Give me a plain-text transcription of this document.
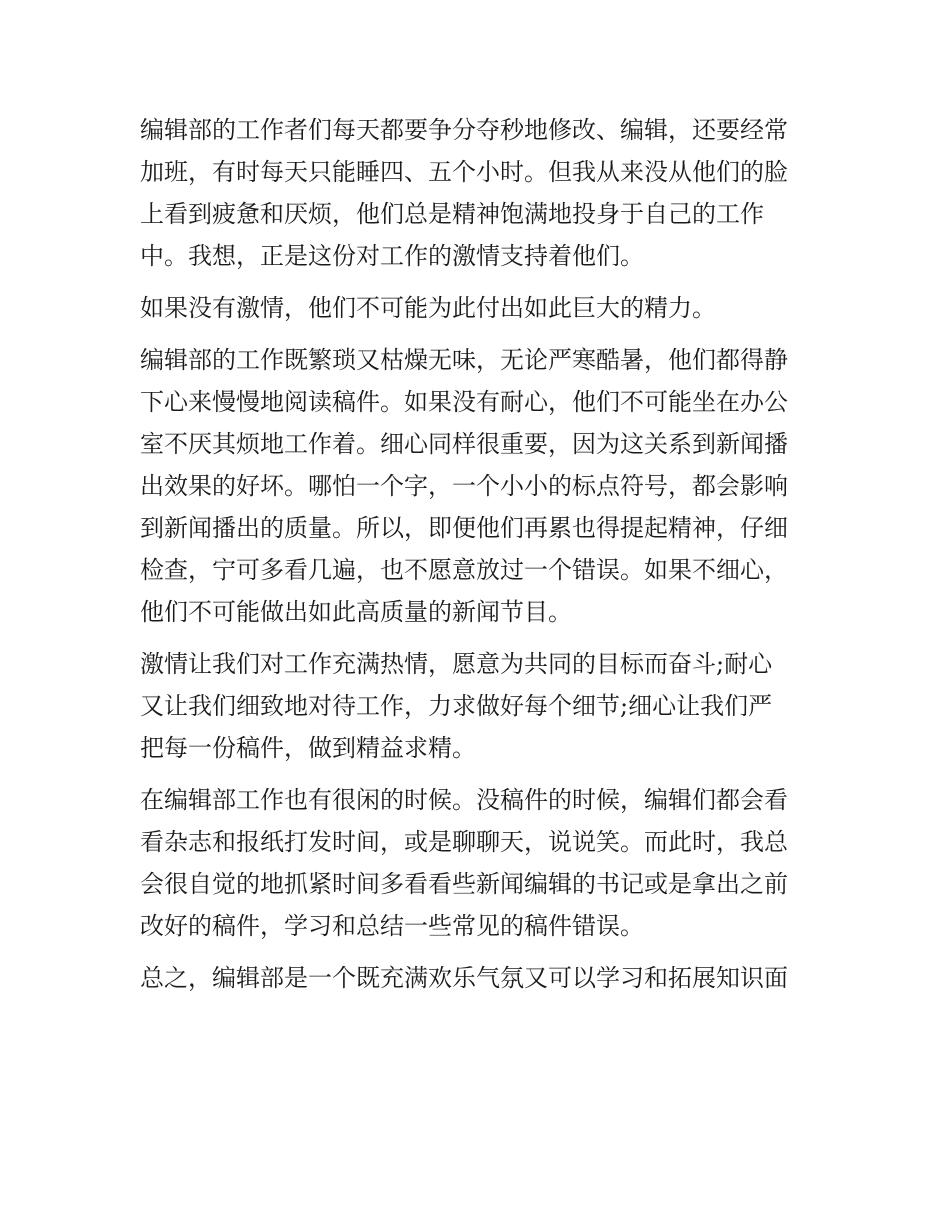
编辑部的工作者们每天都要争分夺秒地修改、编辑，还要经常
加班，有时每天只能睡四、五个小时。但我从来没从他们的脸
上看到疲惫和厌烦，他们总是精神饱满地投身于自己的工作
中。我想，正是这份对工作的激情支持着他们。

如果没有激情，他们不可能为此付出如此巨大的精力。

编辑部的工作既繁琐又枯燥无味，无论严寒酷暑，他们都得静
下心来慢慢地阅读稿件。如果没有耐心，他们不可能坐在办公
室不厌其烦地工作着。细心同样很重要，因为这关系到新闻播
出效果的好坏。哪怕一个字，一个小小的标点符号，都会影响
到新闻播出的质量。所以，即便他们再累也得提起精神，仔细
检查，宁可多看几遍，也不愿意放过一个错误。如果不细心，
他们不可能做出如此高质量的新闻节目。

激情让我们对工作充满热情，愿意为共同的目标而奋斗;耐心
又让我们细致地对待工作，力求做好每个细节;细心让我们严
把每一份稿件，做到精益求精。

在编辑部工作也有很闲的时候。没稿件的时候，编辑们都会看
看杂志和报纸打发时间，或是聊聊天，说说笑。而此时，我总
会很自觉的地抓紧时间多看看些新闻编辑的书记或是拿出之前
改好的稿件，学习和总结一些常见的稿件错误。

总之，编辑部是一个既充满欢乐气氛又可以学习和拓展知识面
